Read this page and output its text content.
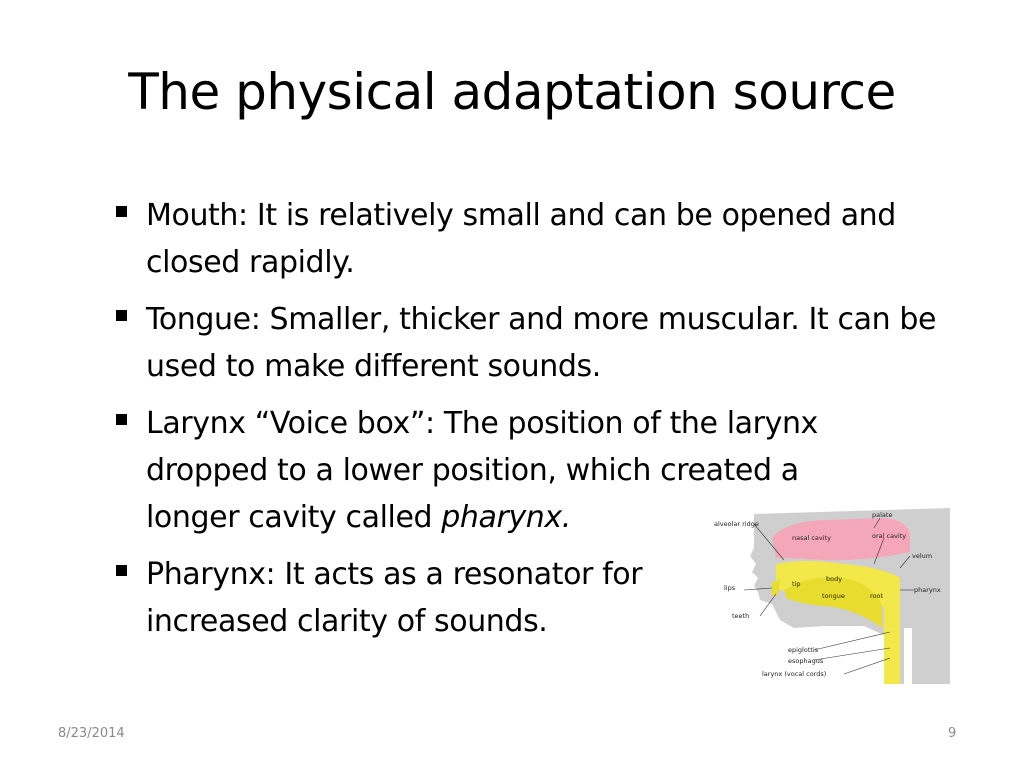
The physical adaptation source
Mouth: It is relatively small and can be opened and closed rapidly.
Tongue: Smaller, thicker and more muscular. It can be used to make different sounds.
Larynx “Voice box”: The position of the larynx dropped to a lower position, which created a longer cavity called pharynx.
Pharynx: It acts as a resonator for
increased clarity of sounds.
alveolar ridge
palate
nasal cavity	oral cavity
velum
lips	tip
body
tongue	root
pharynx
teeth
epiglottis
esophagus
larynx (vocal cords)
8/23/2014	9
